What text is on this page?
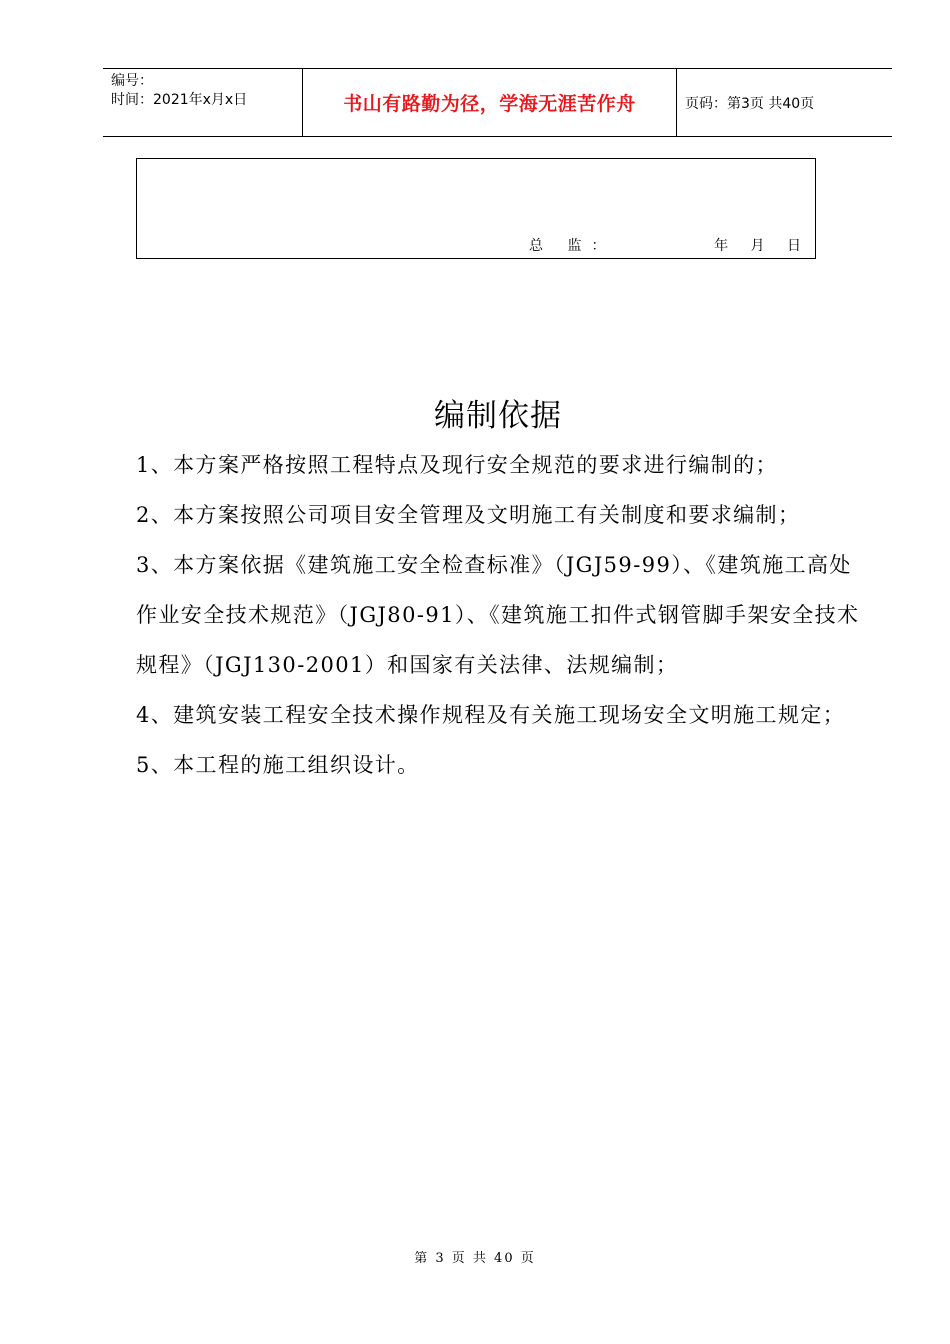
编号：
时间：2021年x月x日	书山有路勤为径，学海无涯苦作舟	页码：第3页 共40页
总 监：	年 月 日
编制依据

1、本方案严格按照工程特点及现行安全规范的要求进行编制的；

2、本方案按照公司项目安全管理及文明施工有关制度和要求编制；

3、本方案依据《建筑施工安全检查标准》（JGJ59-99）、《建筑施工高处作业安全技术规范》（JGJ80-91）、《建筑施工扣件式钢管脚手架安全技术规程》（JGJ130-2001）和国家有关法律、法规编制；

4、建筑安装工程安全技术操作规程及有关施工现场安全文明施工规定；

5、本工程的施工组织设计。

第 3 页 共 40 页
